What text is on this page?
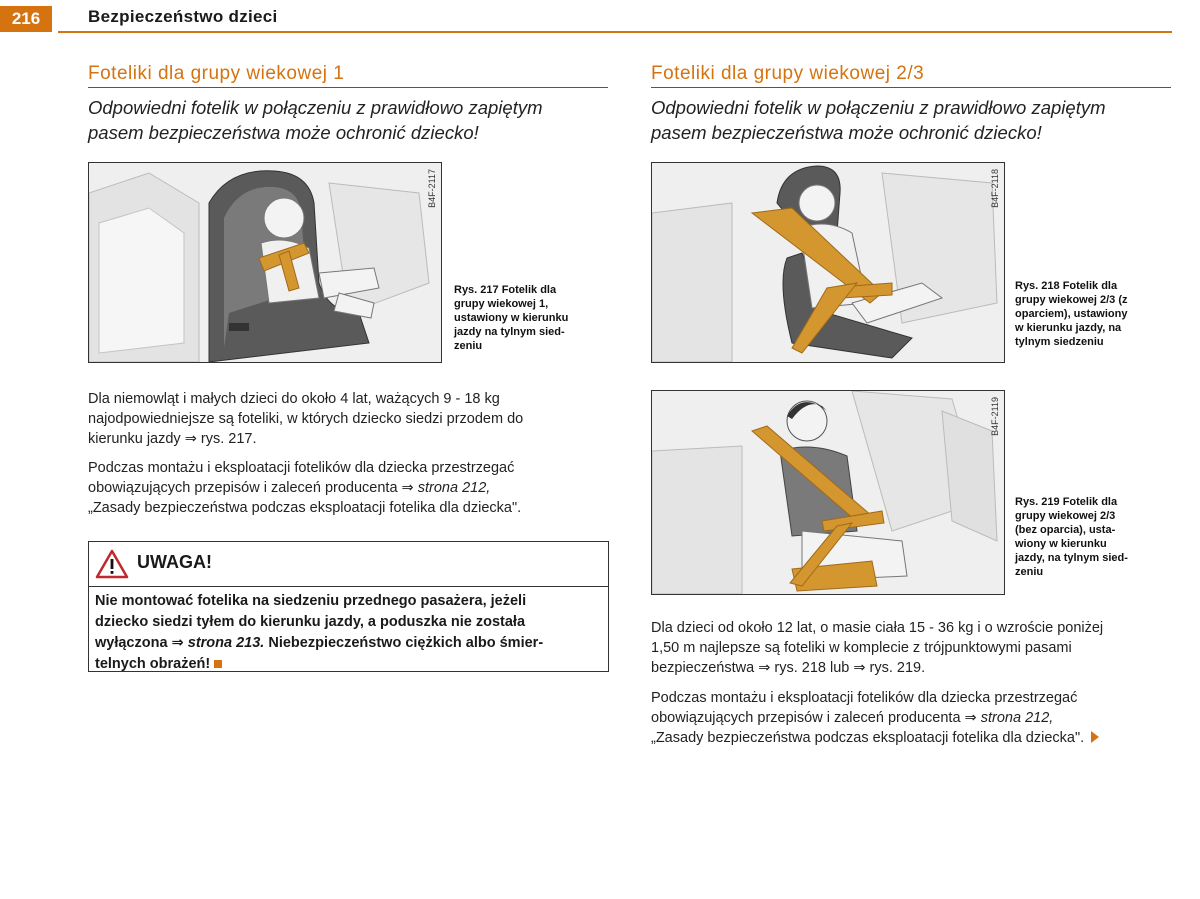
216	Bezpieczeństwo dzieci
Foteliki dla grupy wiekowej 1
Odpowiedni fotelik w połączeniu z prawidłowo zapiętym
pasem bezpieczeństwa może ochronić dziecko!
B4F-2117
Rys. 217 Fotelik dla
grupy wiekowej 1,
ustawiony w kierunku
jazdy na tylnym sied-
zeniu
Dla niemowląt i małych dzieci do około 4 lat, ważących 9 - 18 kg
najodpowiedniejsze są foteliki, w których dziecko siedzi przodem do
kierunku jazdy ⇒ rys. 217.
Podczas montażu i eksploatacji fotelików dla dziecka przestrzegać
obowiązujących przepisów i zaleceń producenta ⇒ strona 212,
„Zasady bezpieczeństwa podczas eksploatacji fotelika dla dziecka".
UWAGA!
Nie montować fotelika na siedzeniu przednego pasażera, jeżeli
dziecko siedzi tyłem do kierunku jazdy, a poduszka nie została
wyłączona ⇒ strona 213. Niebezpieczeństwo ciężkich albo śmier-
telnych obrażeń!
Foteliki dla grupy wiekowej 2/3
Odpowiedni fotelik w połączeniu z prawidłowo zapiętym
pasem bezpieczeństwa może ochronić dziecko!
B4F-2118
Rys. 218 Fotelik dla
grupy wiekowej 2/3 (z
oparciem), ustawiony
w kierunku jazdy, na
tylnym siedzeniu
B4F-2119
Rys. 219 Fotelik dla
grupy wiekowej 2/3
(bez oparcia), usta-
wiony w kierunku
jazdy, na tylnym sied-
zeniu
Dla dzieci od około 12 lat, o masie ciała 15 - 36 kg i o wzroście poniżej
1,50 m najlepsze są foteliki w komplecie z trójpunktowymi pasami
bezpieczeństwa ⇒ rys. 218 lub ⇒ rys. 219.
Podczas montażu i eksploatacji fotelików dla dziecka przestrzegać
obowiązujących przepisów i zaleceń producenta ⇒ strona 212,
„Zasady bezpieczeństwa podczas eksploatacji fotelika dla dziecka".
